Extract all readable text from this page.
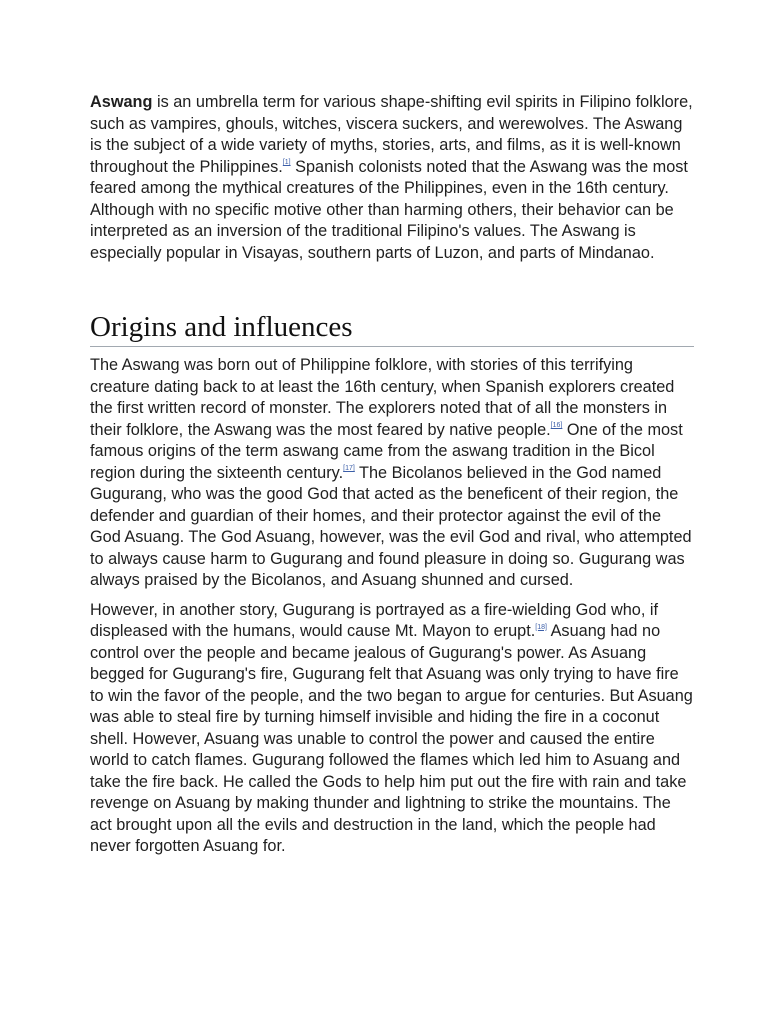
Aswang is an umbrella term for various shape-shifting evil spirits in Filipino folklore, such as vampires, ghouls, witches, viscera suckers, and werewolves. The Aswang is the subject of a wide variety of myths, stories, arts, and films, as it is well-known throughout the Philippines.[1] Spanish colonists noted that the Aswang was the most feared among the mythical creatures of the Philippines, even in the 16th century. Although with no specific motive other than harming others, their behavior can be interpreted as an inversion of the traditional Filipino's values. The Aswang is especially popular in Visayas, southern parts of Luzon, and parts of Mindanao.

Origins and influences

The Aswang was born out of Philippine folklore, with stories of this terrifying creature dating back to at least the 16th century, when Spanish explorers created the first written record of monster. The explorers noted that of all the monsters in their folklore, the Aswang was the most feared by native people.[16] One of the most famous origins of the term aswang came from the aswang tradition in the Bicol region during the sixteenth century.[17] The Bicolanos believed in the God named Gugurang, who was the good God that acted as the beneficent of their region, the defender and guardian of their homes, and their protector against the evil of the God Asuang. The God Asuang, however, was the evil God and rival, who attempted to always cause harm to Gugurang and found pleasure in doing so. Gugurang was always praised by the Bicolanos, and Asuang shunned and cursed.

However, in another story, Gugurang is portrayed as a fire-wielding God who, if displeased with the humans, would cause Mt. Mayon to erupt.[18] Asuang had no control over the people and became jealous of Gugurang's power. As Asuang begged for Gugurang's fire, Gugurang felt that Asuang was only trying to have fire to win the favor of the people, and the two began to argue for centuries. But Asuang was able to steal fire by turning himself invisible and hiding the fire in a coconut shell. However, Asuang was unable to control the power and caused the entire world to catch flames. Gugurang followed the flames which led him to Asuang and take the fire back. He called the Gods to help him put out the fire with rain and take revenge on Asuang by making thunder and lightning to strike the mountains. The act brought upon all the evils and destruction in the land, which the people had never forgotten Asuang for.
